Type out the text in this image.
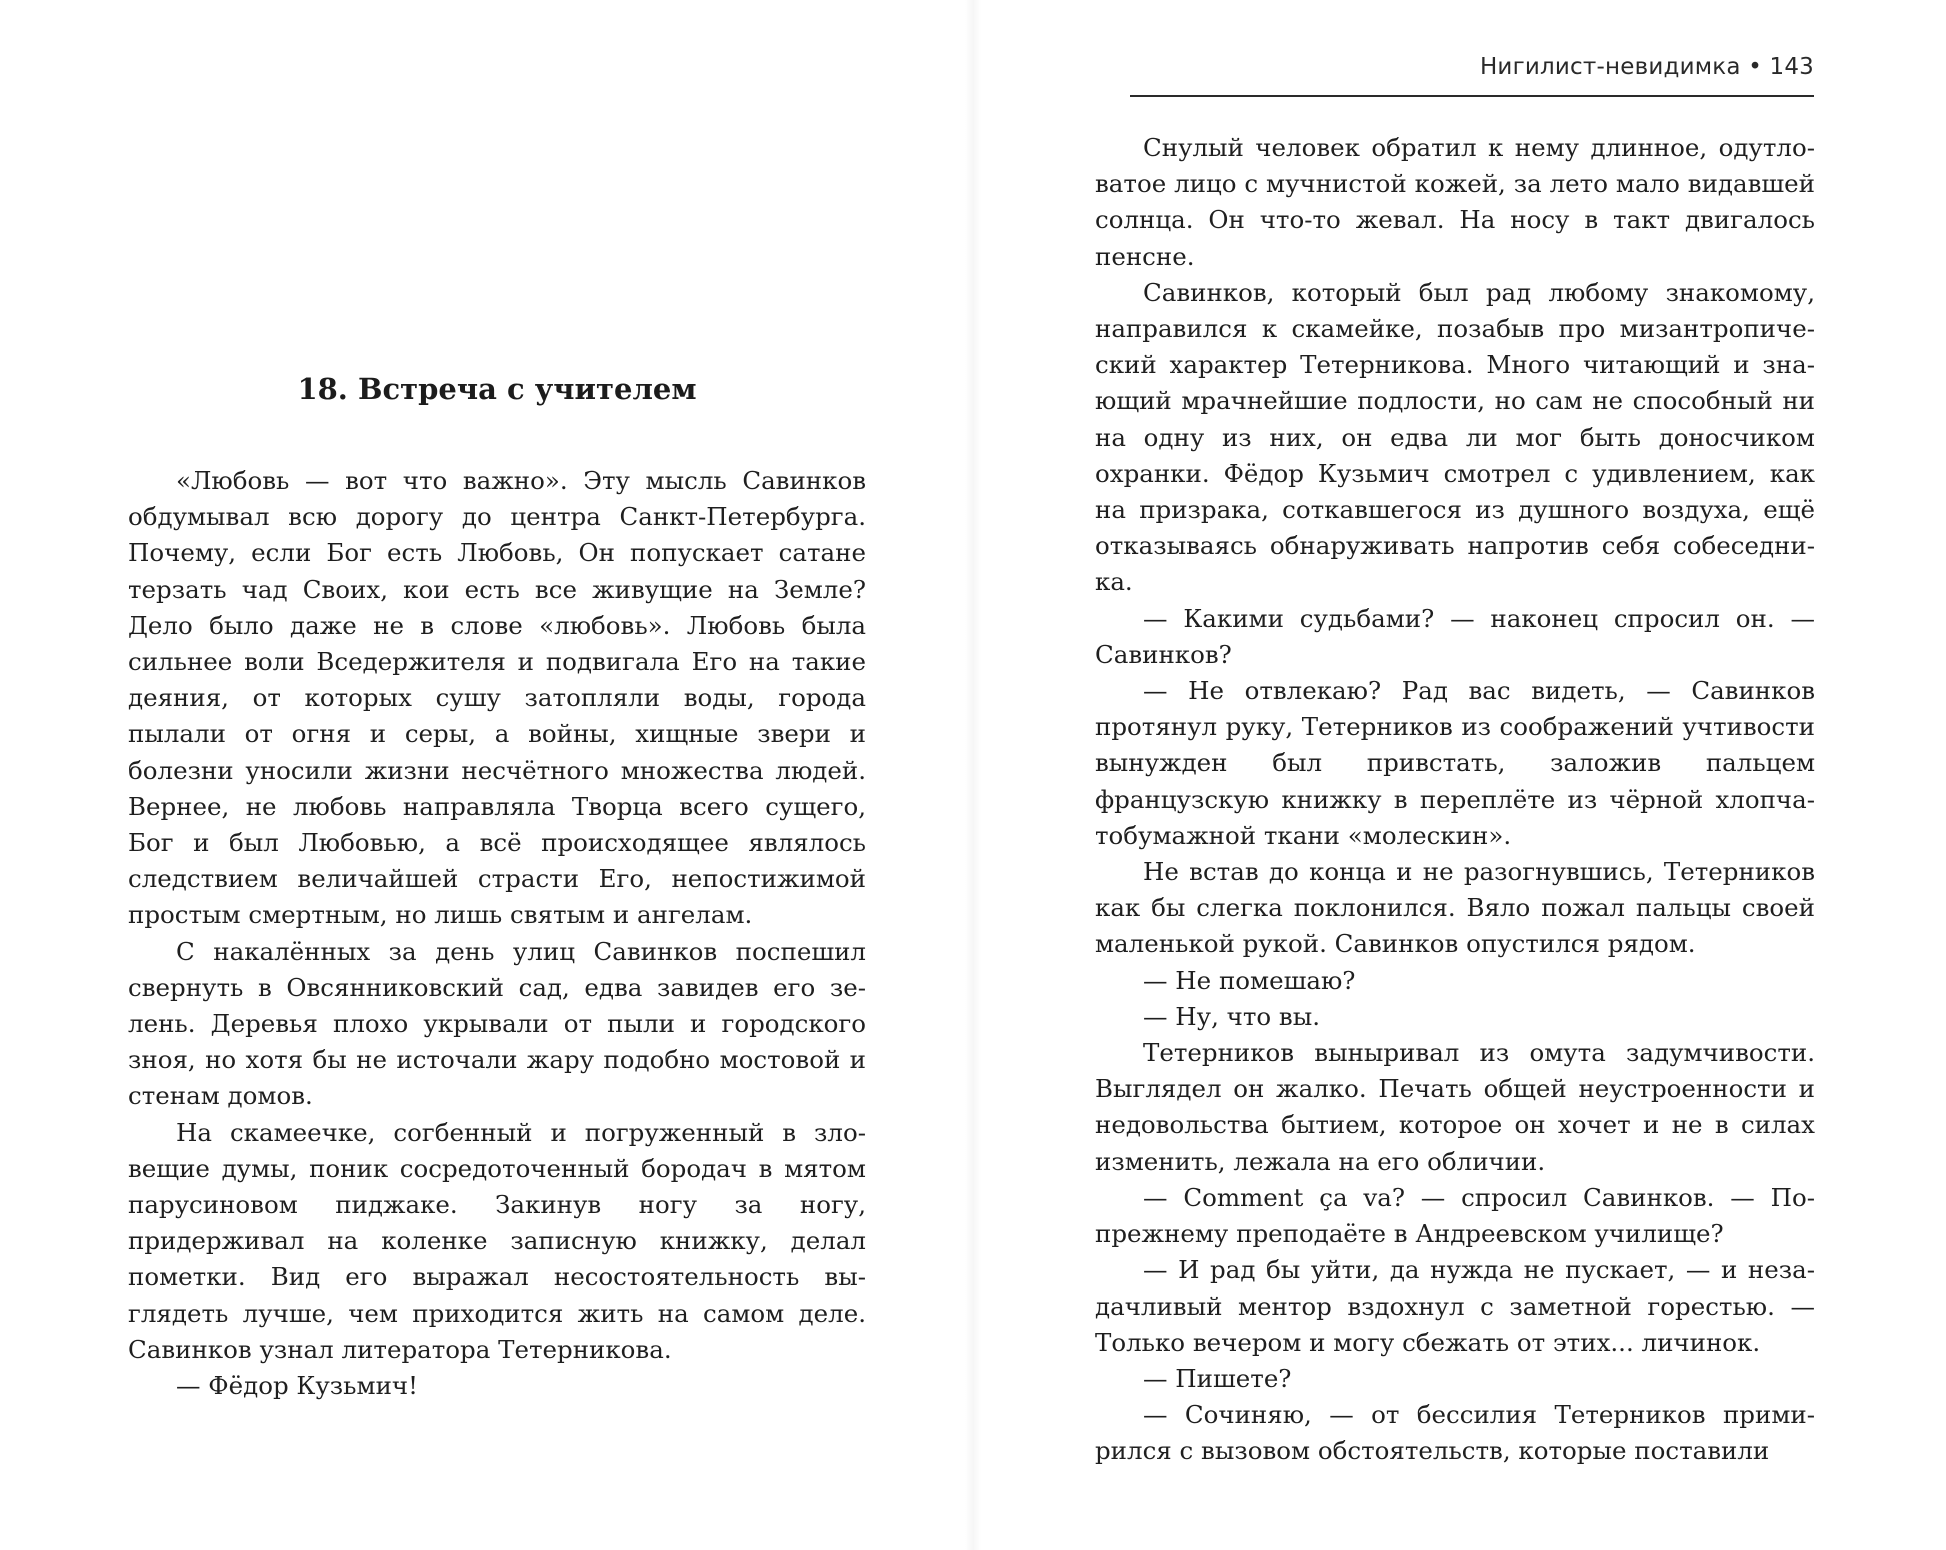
18. Встреча с учителем

«Любовь — вот что важно». Эту мысль Савинков обдумывал всю дорогу до центра Санкт-Петербурга. Почему, если Бог есть Любовь, Он попускает сатане терзать чад Своих, кои есть все живущие на Земле? Дело было даже не в слове «любовь». Любовь была сильнее воли Вседержителя и подвигала Его на такие деяния, от которых сушу затопляли воды, города пылали от огня и серы, а войны, хищные звери и болезни уносили жизни несчётного множества людей. Вернее, не любовь направляла Творца всего сущего, Бог и был Любовью, а всё происходящее являлось следствием величайшей страсти Его, непостижимой простым смертным, но лишь святым и ангелам.

С накалённых за день улиц Савинков поспешил свернуть в Овсянниковский сад, едва завидев его зелень. Деревья плохо укрывали от пыли и городского зноя, но хотя бы не источали жару подобно мостовой и стенам домов.

На скамеечке, согбенный и погруженный в зловещие думы, поник сосредоточенный бородач в мятом парусиновом пиджаке. Закинув ногу за ногу, придерживал на коленке записную книжку, делал пометки. Вид его выражал несостоятельность выглядеть лучше, чем приходится жить на самом деле. Савинков узнал литератора Тетерникова.

— Фёдор Кузьмич!

Нигилист-невидимка • 143

Снулый человек обратил к нему длинное, одутловатое лицо с мучнистой кожей, за лето мало видавшей солнца. Он что-то жевал. На носу в такт двигалось пенсне.

Савинков, который был рад любому знакомому, направился к скамейке, позабыв про мизантропический характер Тетерникова. Много читающий и знающий мрачнейшие подлости, но сам не способный ни на одну из них, он едва ли мог быть доносчиком охранки. Фёдор Кузьмич смотрел с удивлением, как на призрака, соткавшегося из душного воздуха, ещё отказываясь обнаруживать напротив себя собеседника.

— Какими судьбами? — наконец спросил он. — Савинков?

— Не отвлекаю? Рад вас видеть, — Савинков протянул руку, Тетерников из соображений учтивости вынужден был привстать, заложив пальцем французскую книжку в переплёте из чёрной хлопчатобумажной ткани «молескин».

Не встав до конца и не разогнувшись, Тетерников как бы слегка поклонился. Вяло пожал пальцы своей маленькой рукой. Савинков опустился рядом.

— Не помешаю?

— Ну, что вы.

Тетерников выныривал из омута задумчивости. Выглядел он жалко. Печать общей неустроенности и недовольства бытием, которое он хочет и не в силах изменить, лежала на его обличии.

— Comment ça va? — спросил Савинков. — Попрежнему преподаёте в Андреевском училище?

— И рад бы уйти, да нужда не пускает, — и незадачливый ментор вздохнул с заметной горестью. — Только вечером и могу сбежать от этих... личинок.

— Пишете?

— Сочиняю, — от бессилия Тетерников примирился с вызовом обстоятельств, которые поставили
